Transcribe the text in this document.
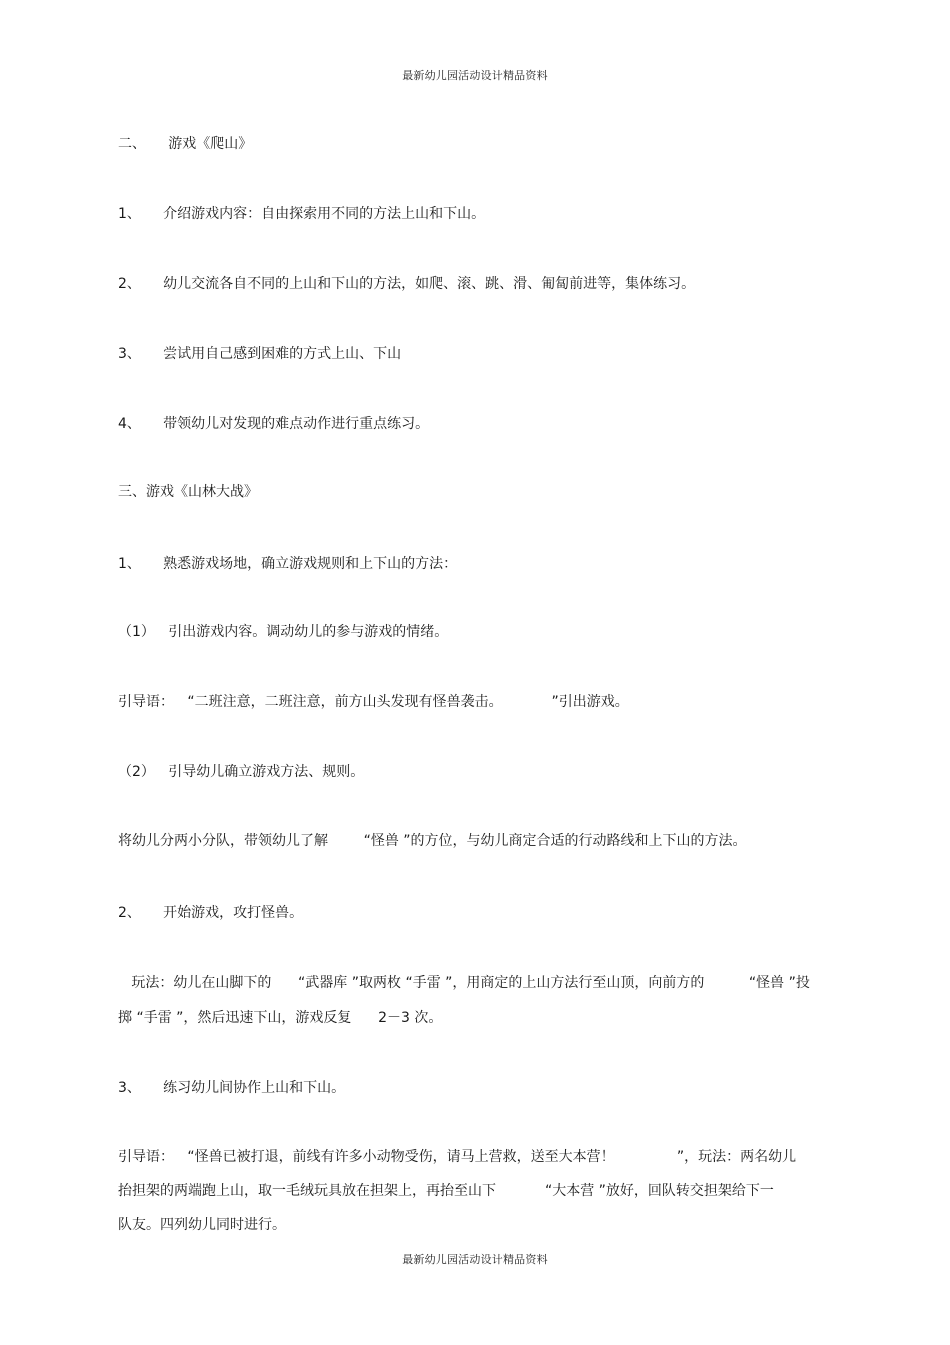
最新幼儿园活动设计精品资料
二、     游戏《爬山》
1、     介绍游戏内容：自由探索用不同的方法上山和下山。
2、     幼儿交流各自不同的上山和下山的方法，如爬、滚、跳、滑、匍匐前进等，集体练习。
3、     尝试用自己感到困难的方式上山、下山
4、     带领幼儿对发现的难点动作进行重点练习。
三、游戏《山林大战》
1、     熟悉游戏场地，确立游戏规则和上下山的方法：
（1）   引出游戏内容。调动幼儿的参与游戏的情绪。
引导语：   “二班注意，二班注意，前方山头发现有怪兽袭击。           ”引出游戏。
（2）   引导幼儿确立游戏方法、规则。
将幼儿分两小分队，带领幼儿了解        “怪兽 ”的方位，与幼儿商定合适的行动路线和上下山的方法。
2、     开始游戏，攻打怪兽。
玩法：幼儿在山脚下的      “武器库 ”取两枚 “手雷 ”，用商定的上山方法行至山顶，向前方的          “怪兽 ”投
掷 “手雷 ”，然后迅速下山，游戏反复      2－3 次。
3、     练习幼儿间协作上山和下山。
引导语：   “怪兽已被打退，前线有许多小动物受伤，请马上营救，送至大本营！              ”，玩法：两名幼儿
抬担架的两端跑上山，取一毛绒玩具放在担架上，再抬至山下           “大本营 ”放好，回队转交担架给下一
队友。四列幼儿同时进行。
最新幼儿园活动设计精品资料
